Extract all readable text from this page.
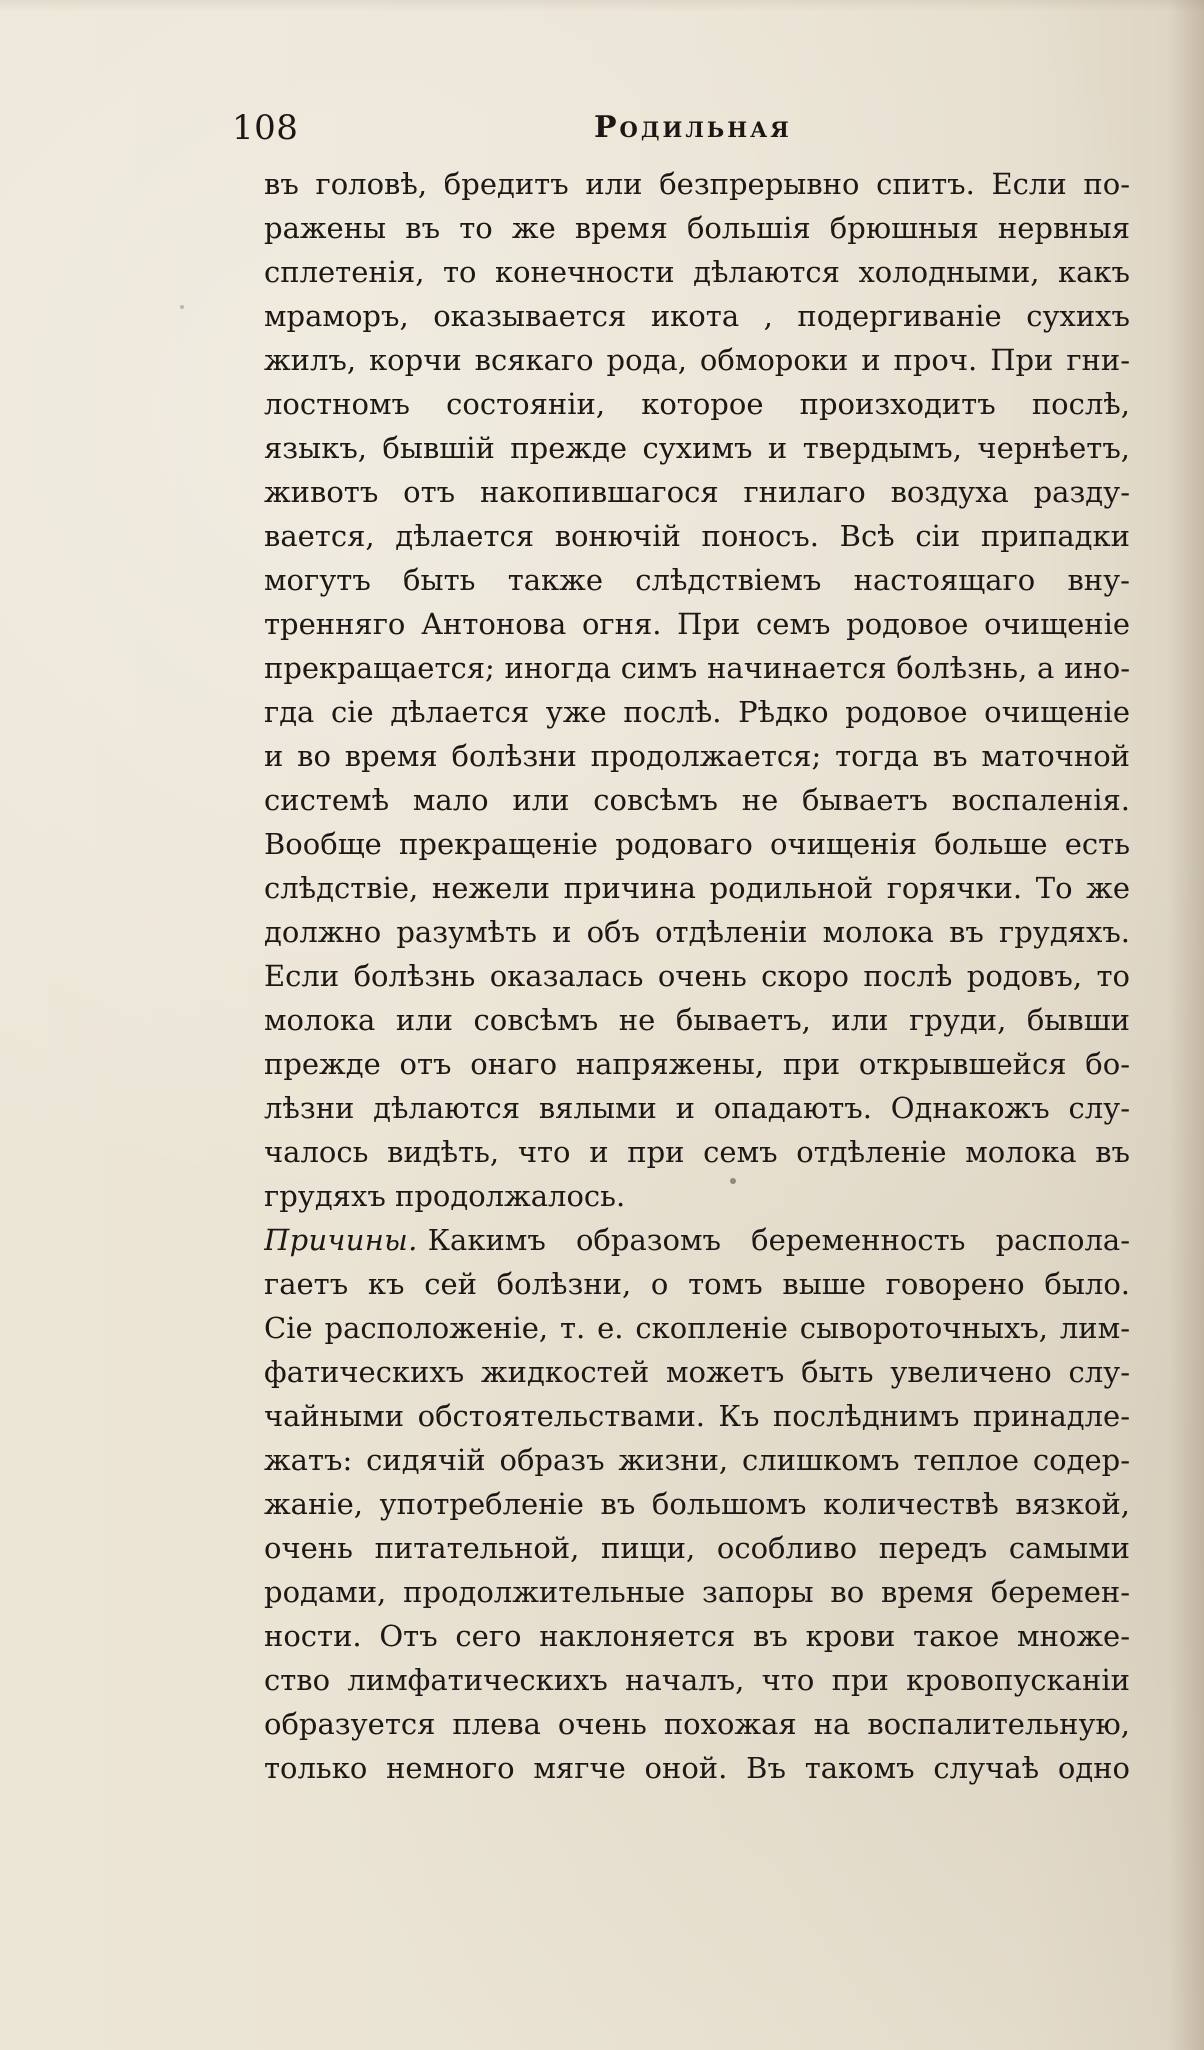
108	Родильная
въ головѣ, бредитъ или безпрерывно спитъ. Если по-
ражены въ то же время большія брюшныя нервныя
сплетенія, то конечности дѣлаются холодными, какъ
мраморъ, оказывается икота , подергиваніе сухихъ
жилъ, корчи всякаго рода, обмороки и проч. При гни-
лостномъ состояніи, которое произходитъ послѣ,
языкъ, бывшій прежде сухимъ и твердымъ, чернѣетъ,
животъ отъ накопившагося гнилаго воздуха разду-
вается, дѣлается вонючій поносъ. Всѣ сіи припадки
могутъ быть также слѣдствіемъ настоящаго вну-
тренняго Антонова огня. При семъ родовое очищеніе
прекращается; иногда симъ начинается болѣзнь, а ино-
гда сіе дѣлается уже послѣ. Рѣдко родовое очищеніе
и во время болѣзни продолжается; тогда въ маточной
системѣ мало или совсѣмъ не бываетъ воспаленія.
Вообще прекращеніе родоваго очищенія больше есть
слѣдствіе, нежели причина родильной горячки. То же
должно разумѣть и объ отдѣленіи молока въ грудяхъ.
Если болѣзнь оказалась очень скоро послѣ родовъ, то
молока или совсѣмъ не бываетъ, или груди, бывши
прежде отъ онаго напряжены, при открывшейся бо-
лѣзни дѣлаются вялыми и опадаютъ. Однакожъ слу-
чалось видѣть, что и при семъ отдѣленіе молока въ
грудяхъ продолжалось.
Причины. Какимъ образомъ беременность распола-
гаетъ къ сей болѣзни, о томъ выше говорено было.
Сіе расположеніе, т. е. скопленіе сывороточныхъ, лим-
фатическихъ жидкостей можетъ быть увеличено слу-
чайными обстоятельствами. Къ послѣднимъ принадле-
жатъ: сидячій образъ жизни, слишкомъ теплое содер-
жаніе, употребленіе въ большомъ количествѣ вязкой,
очень питательной, пищи, особливо передъ самыми
родами, продолжительные запоры во время беремен-
ности. Отъ сего наклоняется въ крови такое множе-
ство лимфатическихъ началъ, что при кровопусканіи
образуется плева очень похожая на воспалительную,
только немного мягче оной. Въ такомъ случаѣ одно
